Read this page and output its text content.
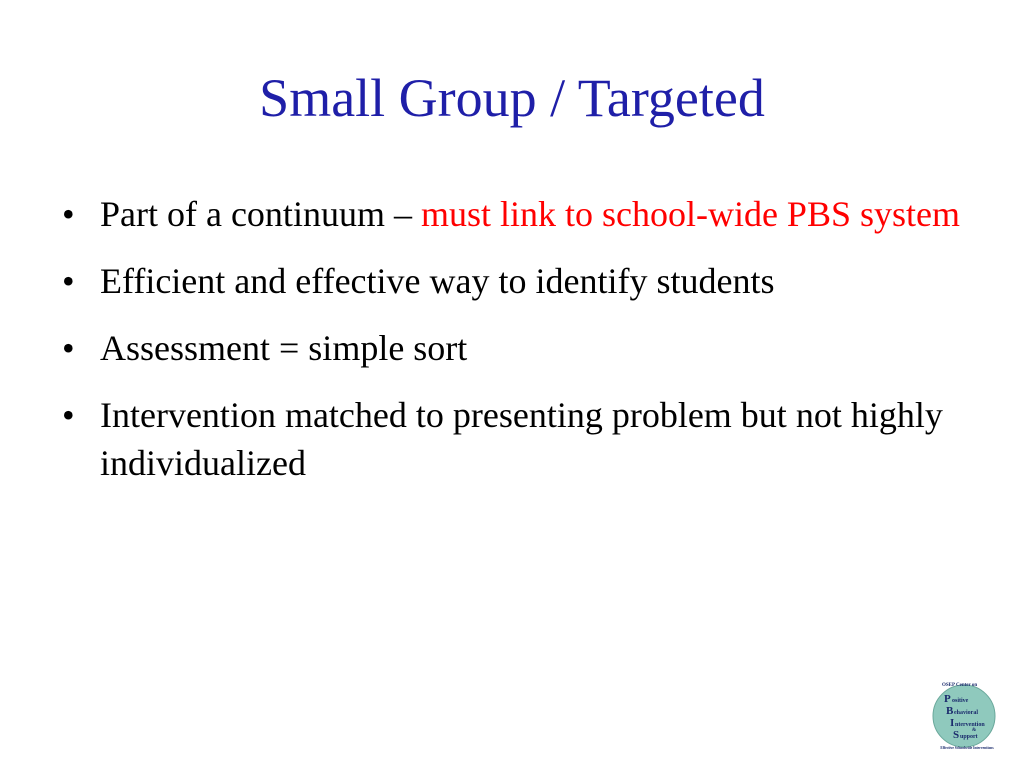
Small Group / Targeted
• Part of a continuum – must link to school-wide PBS system
• Efficient and effective way to identify students
• Assessment = simple sort
• Intervention matched to presenting problem but not highly individualized
OSEP Center on
P ositive
B ehavioral
I ntervention
&
S upport
Effective Schoolwide Interventions
